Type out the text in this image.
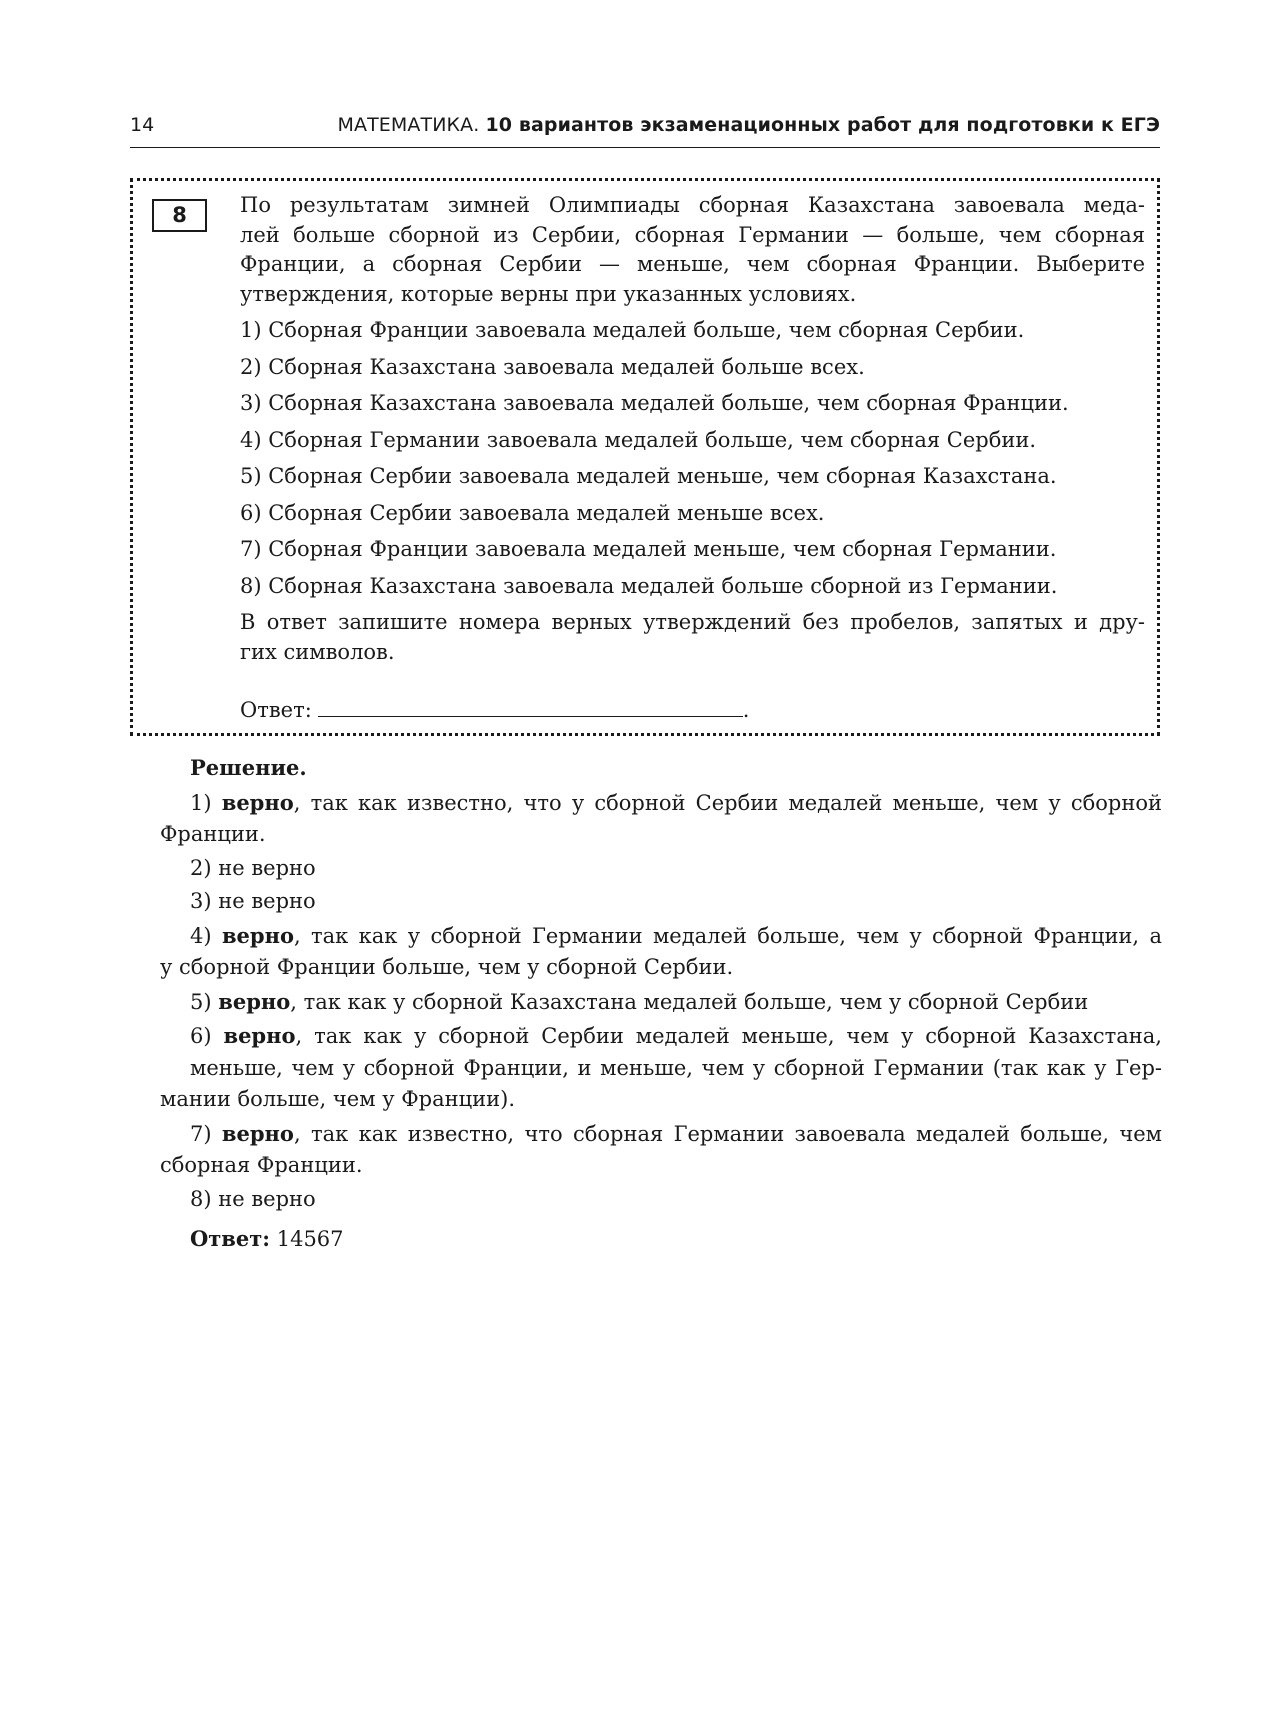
14	МАТЕМАТИКА. 10 вариантов экзаменационных работ для подготовки к ЕГЭ
8	По результатам зимней Олимпиады сборная Казахстана завоевала меда-

лей больше сборной из Сербии, сборная Германии — больше, чем сборная

Франции, а сборная Сербии — меньше, чем сборная Франции. Выберите

утверждения, которые верны при указанных условиях.

1) Сборная Франции завоевала медалей больше, чем сборная Сербии.

2) Сборная Казахстана завоевала медалей больше всех.

3) Сборная Казахстана завоевала медалей больше, чем сборная Франции.

4) Сборная Германии завоевала медалей больше, чем сборная Сербии.

5) Сборная Сербии завоевала медалей меньше, чем сборная Казахстана.

6) Сборная Сербии завоевала медалей меньше всех.

7) Сборная Франции завоевала медалей меньше, чем сборная Германии.

8) Сборная Казахстана завоевала медалей больше сборной из Германии.

В ответ запишите номера верных утверждений без пробелов, запятых и дру-
гих символов.

Ответ:	.

Решение.

1) верно, так как известно, что у сборной Сербии медалей меньше, чем у сборной
Франции.

2) не верно

3) не верно

4) верно, так как у сборной Германии медалей больше, чем у сборной Франции, а
у сборной Франции больше, чем у сборной Сербии.

5) верно, так как у сборной Казахстана медалей больше, чем у сборной Сербии

6) верно, так как у сборной Сербии медалей меньше, чем у сборной Казахстана,
меньше, чем у сборной Франции, и меньше, чем у сборной Германии (так как у Гер-
мании больше, чем у Франции).

7) верно, так как известно, что сборная Германии завоевала медалей больше, чем
сборная Франции.

8) не верно

Ответ: 14567
